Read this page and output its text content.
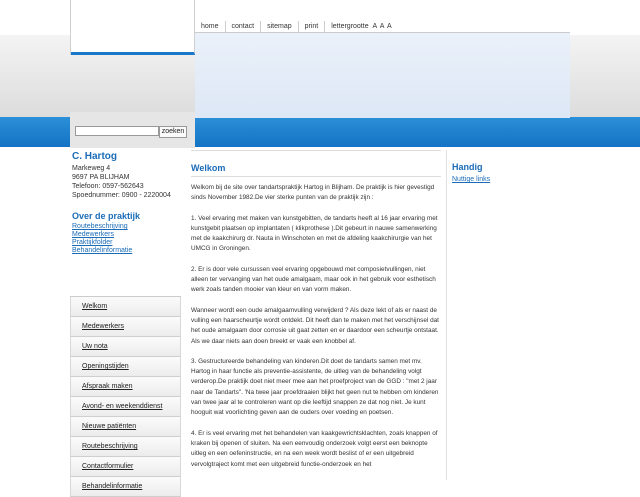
home	contact	sitemap	print	lettergrootte A A A
zoeken
C. Hartog
Markeweg 4
9697 PA BLIJHAM
Telefoon: 0597-562643
Spoednummer: 0900 - 2220004
Over de praktijk
Routebeschrijving
Medewerkers
Praktijkfolder
Behandelinformatie
Welkom
Medewerkers
Uw nota
Openingstijden
Afspraak maken
Avond- en weekenddienst
Nieuwe patiënten
Routebeschrijving
Contactformulier
Behandelinformatie
Welkom

Welkom bij de site over tandartspraktijk Hartog in Blijham. De praktijk is hier gevestigd sinds November 1982.De vier sterke punten van de praktijk zijn :

1. Veel ervaring met maken van kunstgebitten, de tandarts heeft al 16 jaar ervaring met kunstgebit plaatsen op implantaten ( klikprothese ).Dit gebeurt in nauwe samenwerking met de kaakchirurg dr. Nauta in Winschoten en met de afdeling kaakchirurgie van het UMCG in Groningen.

2. Er is door vele cursussen veel ervaring opgebouwd met composietvullingen, niet alleen ter vervanging van het oude amalgaam, maar ook in het gebruik voor esthetisch werk zoals tanden mooier van kleur en van vorm maken.

Wanneer wordt een oude amalgaamvulling verwijderd ? Als deze lekt of als er naast de vulling een haarscheurtje wordt ontdekt. Dit heeft dan te maken met het verschijnsel dat het oude amalgaam door corrosie uit gaat zetten en er daardoor een scheurtje ontstaat. Als we daar niets aan doen breekt er vaak een knobbel af.

3. Gestructureerde behandeling van kinderen.Dit doet de tandarts samen met mv. Hartog in haar functie als preventie-assistente, de uitleg van de behandeling volgt verderop.De praktijk doet niet meer mee aan het proefproject van de GGD : "met 2 jaar naar de Tandarts". 'Na twee jaar proefdraaien blijkt het geen nut te hebben om kinderen van twee jaar al te controleren want op die leeftijd snappen ze dat nog niet. Je kunt hooguit wat voorlichting geven aan de ouders over voeding en poetsen.

4. Er is veel ervaring met het behandelen van kaakgewrichtsklachten, zoals knappen of kraken bij openen of sluiten. Na een eenvoudig onderzoek volgt eerst een beknopte uitleg en een oefeninstructie, en na een week wordt beslist of er een uitgebreid vervolgtraject komt met een uitgebreid functie-onderzoek en het

Handig
Nuttige links
